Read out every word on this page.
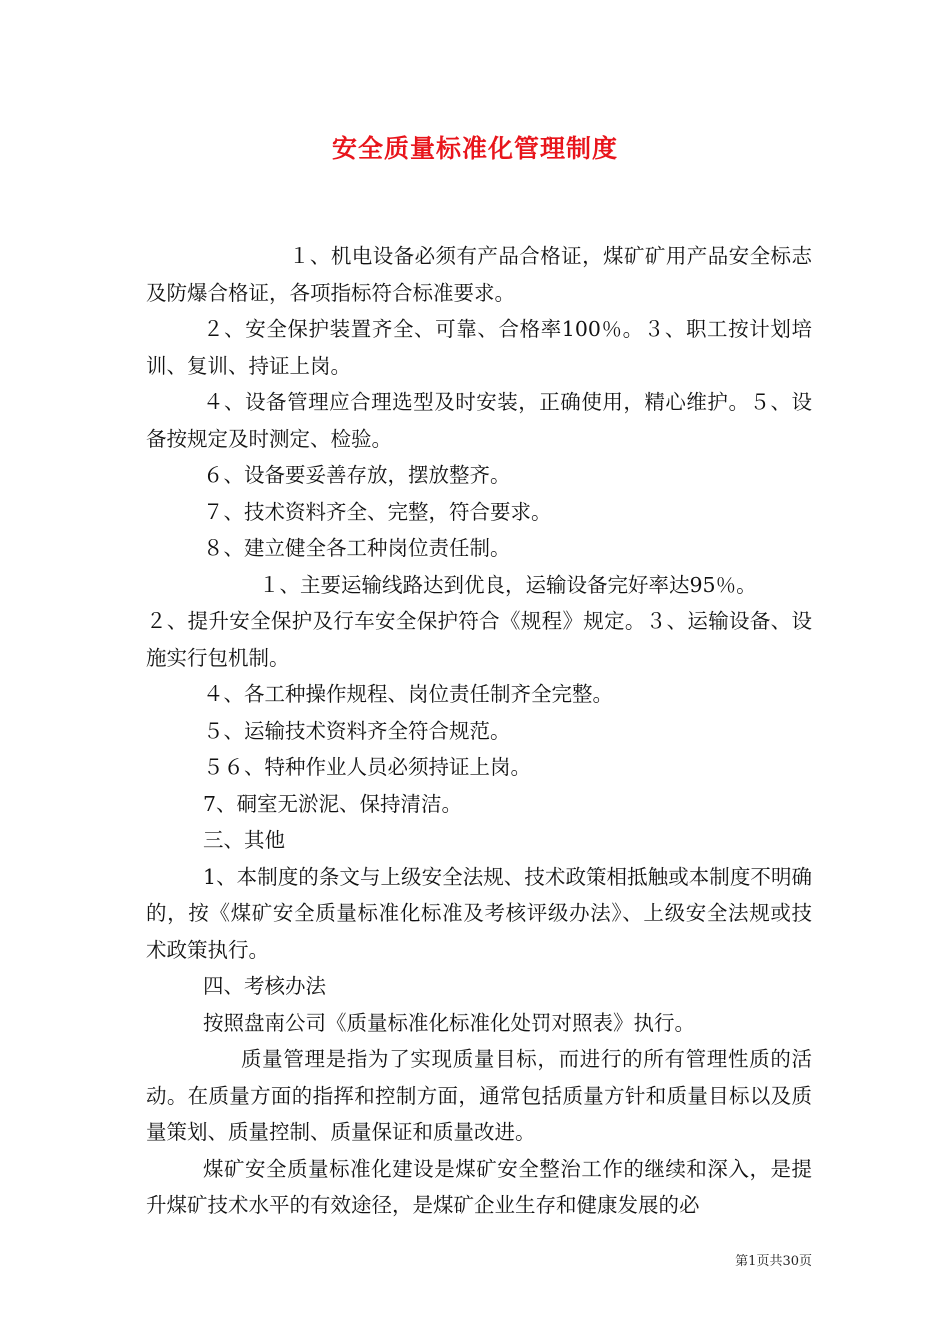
安全质量标准化管理制度

１、机电设备必须有产品合格证，煤矿矿用产品安全标志及防爆合格证，各项指标符合标准要求。

２、安全保护装置齐全、可靠、合格率100％。３、职工按计划培训、复训、持证上岗。

４、设备管理应合理选型及时安装，正确使用，精心维护。５、设备按规定及时测定、检验。

６、设备要妥善存放，摆放整齐。

７、技术资料齐全、完整，符合要求。

８、建立健全各工种岗位责任制。

１、主要运输线路达到优良，运输设备完好率达95％。

２、提升安全保护及行车安全保护符合《规程》规定。３、运输设备、设施实行包机制。

４、各工种操作规程、岗位责任制齐全完整。

５、运输技术资料齐全符合规范。

５６、特种作业人员必须持证上岗。

7、硐室无淤泥、保持清洁。

三、其他

1、本制度的条文与上级安全法规、技术政策相抵触或本制度不明确的，按《煤矿安全质量标准化标准及考核评级办法》、上级安全法规或技术政策执行。

四、考核办法

按照盘南公司《质量标准化标准化处罚对照表》执行。

质量管理是指为了实现质量目标，而进行的所有管理性质的活动。在质量方面的指挥和控制方面，通常包括质量方针和质量目标以及质量策划、质量控制、质量保证和质量改进。

煤矿安全质量标准化建设是煤矿安全整治工作的继续和深入，是提升煤矿技术水平的有效途径，是煤矿企业生存和健康发展的必

第1页共30页
